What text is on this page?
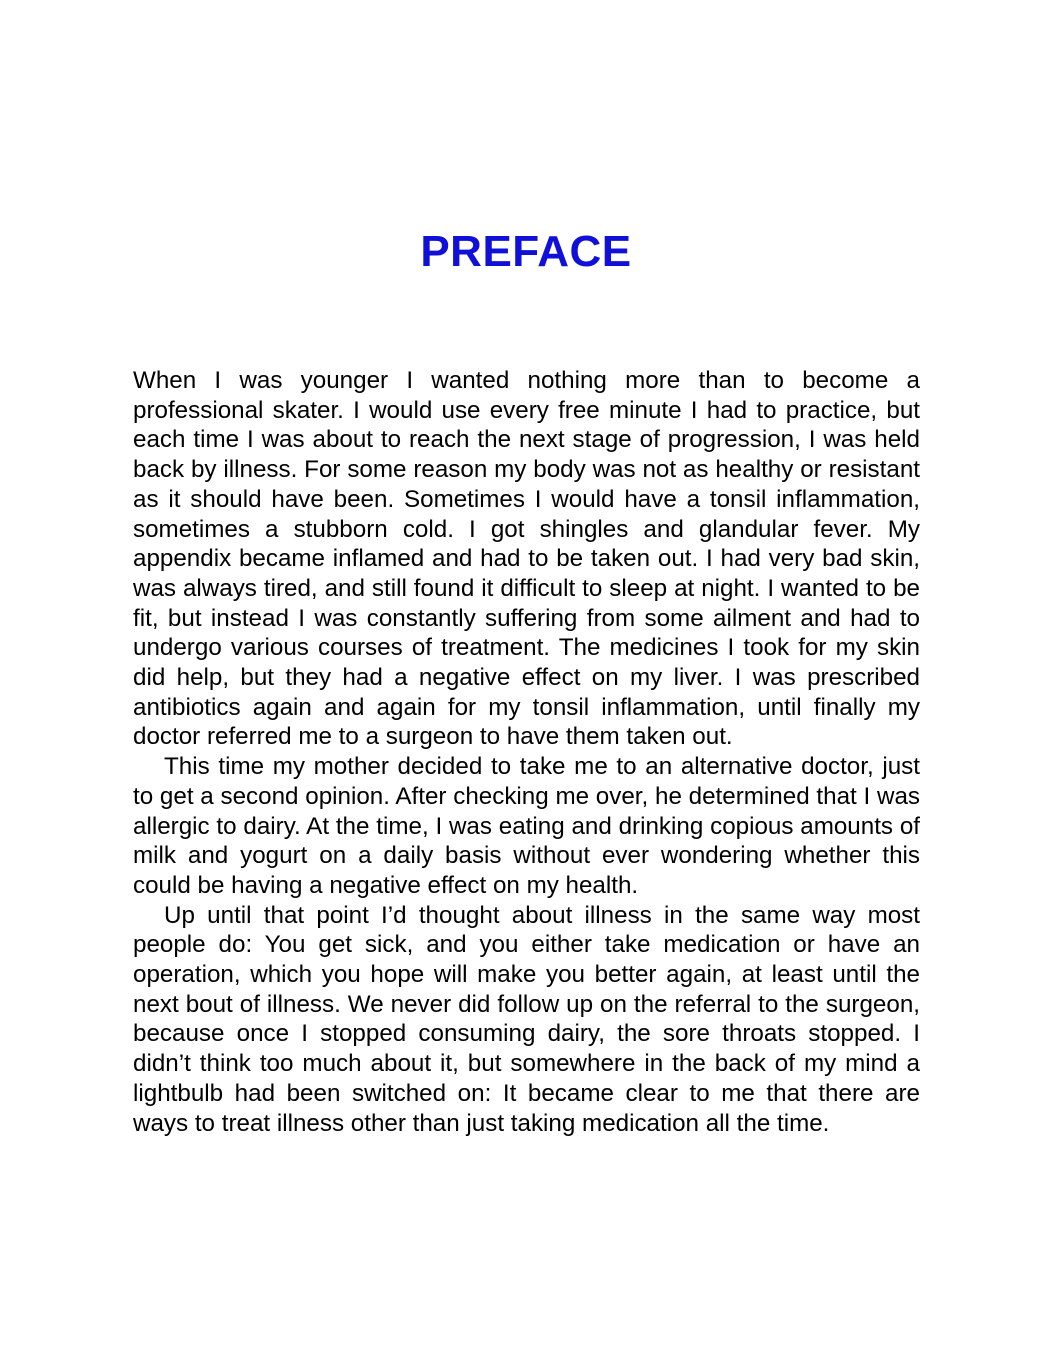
PREFACE

When I was younger I wanted nothing more than to become a professional skater. I would use every free minute I had to practice, but each time I was about to reach the next stage of progression, I was held back by illness. For some reason my body was not as healthy or resistant as it should have been. Sometimes I would have a tonsil inflammation, sometimes a stubborn cold. I got shingles and glandular fever. My appendix became inflamed and had to be taken out. I had very bad skin, was always tired, and still found it difficult to sleep at night. I wanted to be fit, but instead I was constantly suffering from some ailment and had to undergo various courses of treatment. The medicines I took for my skin did help, but they had a negative effect on my liver. I was prescribed antibiotics again and again for my tonsil inflammation, until finally my doctor referred me to a surgeon to have them taken out.

This time my mother decided to take me to an alternative doctor, just to get a second opinion. After checking me over, he determined that I was allergic to dairy. At the time, I was eating and drinking copious amounts of milk and yogurt on a daily basis without ever wondering whether this could be having a negative effect on my health.

Up until that point I’d thought about illness in the same way most people do: You get sick, and you either take medication or have an operation, which you hope will make you better again, at least until the next bout of illness. We never did follow up on the referral to the surgeon, because once I stopped consuming dairy, the sore throats stopped. I didn’t think too much about it, but somewhere in the back of my mind a lightbulb had been switched on: It became clear to me that there are ways to treat illness other than just taking medication all the time.
